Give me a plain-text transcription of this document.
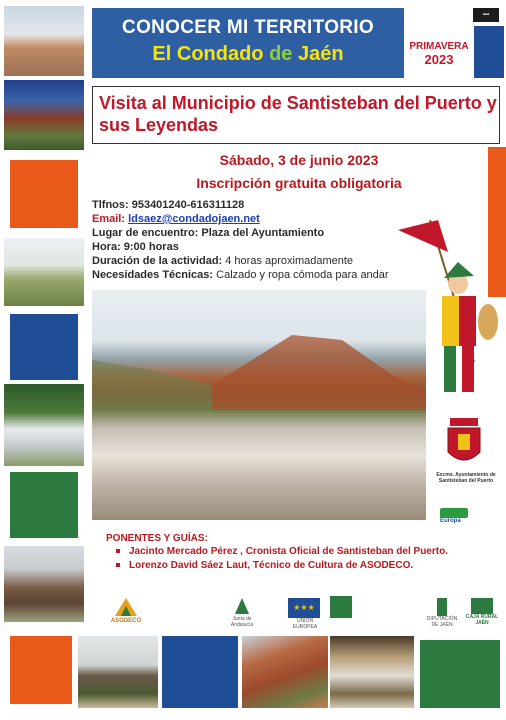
CONOCER MI TERRITORIO
El Condado de Jaén	PRIMAVERA
2023
▪▪▪
Visita al Municipio de Santisteban del Puerto y sus Leyendas
Sábado, 3 de junio 2023
Inscripción gratuita obligatoria
Tlfnos: 953401240-616311128
Email: ldsaez@condadojaen.net
Lugar de encuentro: Plaza del Ayuntamiento
Hora: 9:00 horas
Duración de la actividad: 4 horas aproximadamente
Necesidades Técnicas: Calzado y ropa cómoda para andar
Excmo. Ayuntamiento de Santisteban del Puerto
Europa
PONENTES Y GUÍAS:
Jacinto Mercado Pérez , Cronista Oficial de Santisteban del Puerto.
Lorenzo David Sáez Laut, Técnico de Cultura de ASODECO.
ASODECO	Junta de Andalucía
★★★
UNIÓN EUROPEA
DIPUTACIÓN DE JAÉN
CAJA RURAL JAÉN
